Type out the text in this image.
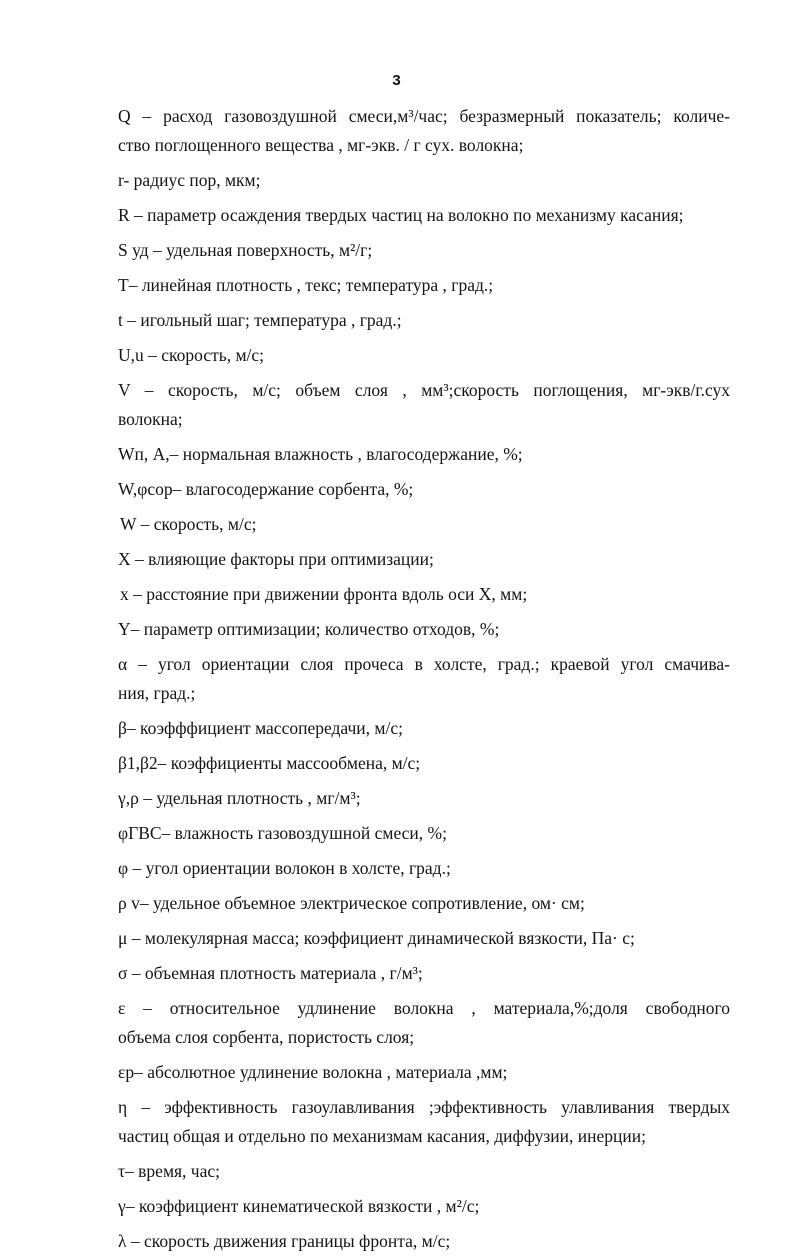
3
Q – расход газовоздушной смеси,м³/час; безразмерный показатель; количе-
ство поглощенного вещества , мг-экв. / г сух. волокна;
r- радиус пор, мкм;
R – параметр осаждения твердых частиц на волокно по механизму касания;
S уд – удельная поверхность, м²/г;
T– линейная плотность , текс; температура , град.;
t – игольный шаг; температура , град.;
U,u – скорость, м/с;
V – скорость, м/с; объем слоя , мм³;скорость поглощения, мг-экв/г.сух
волокна;
Wп, А,– нормальная влажность , влагосодержание, %;
W,φсор– влагосодержание сорбента, %;
W – скорость, м/с;
X – влияющие факторы при оптимизации;
x – расстояние при движении фронта вдоль оси X, мм;
Y– параметр оптимизации; количество отходов, %;
α – угол ориентации слоя прочеса в холсте, град.; краевой угол смачива-
ния, град.;
β– коэфффициент массопередачи, м/с;
β1,β2– коэффициенты массообмена, м/с;
γ,ρ – удельная плотность , мг/м³;
φГВС– влажность газовоздушной смеси, %;
φ – угол ориентации волокон в холсте, град.;
ρ v– удельное объемное электрическое сопротивление, ом· см;
μ – молекулярная масса; коэффициент динамической вязкости, Па· с;
σ – объемная плотность материала , г/м³;
ε – относительное удлинение волокна , материала,%;доля свободного
объема слоя сорбента, пористость слоя;
εр– абсолютное удлинение волокна , материала ,мм;
η – эффективность газоулавливания ;эффективность улавливания твердых
частиц общая и отдельно по механизмам касания, диффузии, инерции;
τ– время, час;
γ– коэффициент кинематической вязкости , м²/с;
λ – скорость движения границы фронта, м/с;
